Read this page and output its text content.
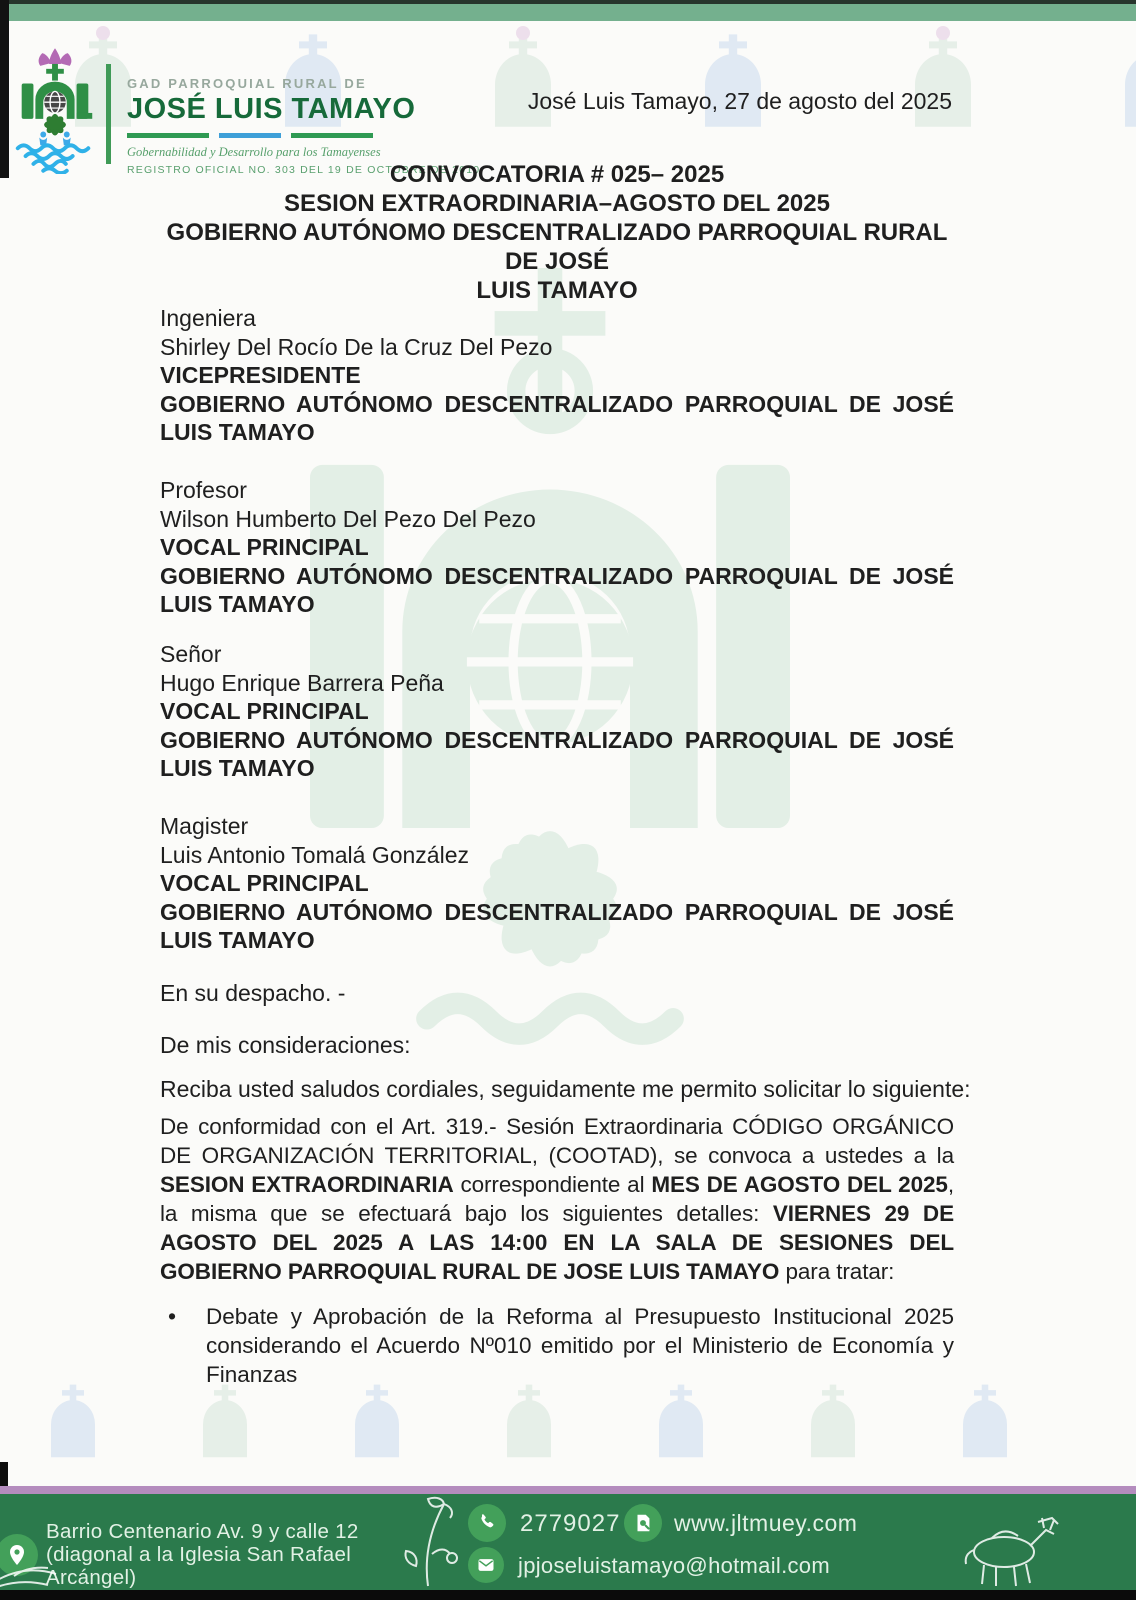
GAD PARROQUIAL RURAL DE
JOSÉ LUIS TAMAYO
Gobernabilidad y Desarrollo para los Tamayenses
REGISTRO OFICIAL NO. 303 DEL 19 DE OCTUBRE DE 2010
José Luis Tamayo, 27 de agosto del 2025
CONVOCATORIA # 025– 2025
SESION EXTRAORDINARIA–AGOSTO DEL 2025
GOBIERNO AUTÓNOMO DESCENTRALIZADO PARROQUIAL RURAL DE JOSÉ
LUIS TAMAYO
Ingeniera
Shirley Del Rocío De la Cruz Del Pezo
VICEPRESIDENTE
GOBIERNO AUTÓNOMO DESCENTRALIZADO PARROQUIAL DE JOSÉ LUIS TAMAYO
Profesor
Wilson Humberto Del Pezo Del Pezo
VOCAL PRINCIPAL
GOBIERNO AUTÓNOMO DESCENTRALIZADO PARROQUIAL DE JOSÉ LUIS TAMAYO
Señor
Hugo Enrique Barrera Peña
VOCAL PRINCIPAL
GOBIERNO AUTÓNOMO DESCENTRALIZADO PARROQUIAL DE JOSÉ LUIS TAMAYO
Magister
Luis Antonio Tomalá González
VOCAL PRINCIPAL
GOBIERNO AUTÓNOMO DESCENTRALIZADO PARROQUIAL DE JOSÉ LUIS TAMAYO
En su despacho. -
De mis consideraciones:
Reciba usted saludos cordiales, seguidamente me permito solicitar lo siguiente:
De conformidad con el Art. 319.- Sesión Extraordinaria CÓDIGO ORGÁNICO DE ORGANIZACIÓN TERRITORIAL, (COOTAD), se convoca a ustedes a la SESION EXTRAORDINARIA correspondiente al MES DE AGOSTO DEL 2025, la misma que se efectuará bajo los siguientes detalles: VIERNES 29 DE AGOSTO DEL 2025 A LAS 14:00 EN LA SALA DE SESIONES DEL GOBIERNO PARROQUIAL RURAL DE JOSE LUIS TAMAYO para tratar:
•	Debate y Aprobación de la Reforma al Presupuesto Institucional 2025 considerando el Acuerdo Nº010 emitido por el Ministerio de Economía y Finanzas
Barrio Centenario Av. 9 y calle 12 (diagonal a la Iglesia San Rafael Arcángel)
2779027 www.jltmuey.com
jpjoseluistamayo@hotmail.com
